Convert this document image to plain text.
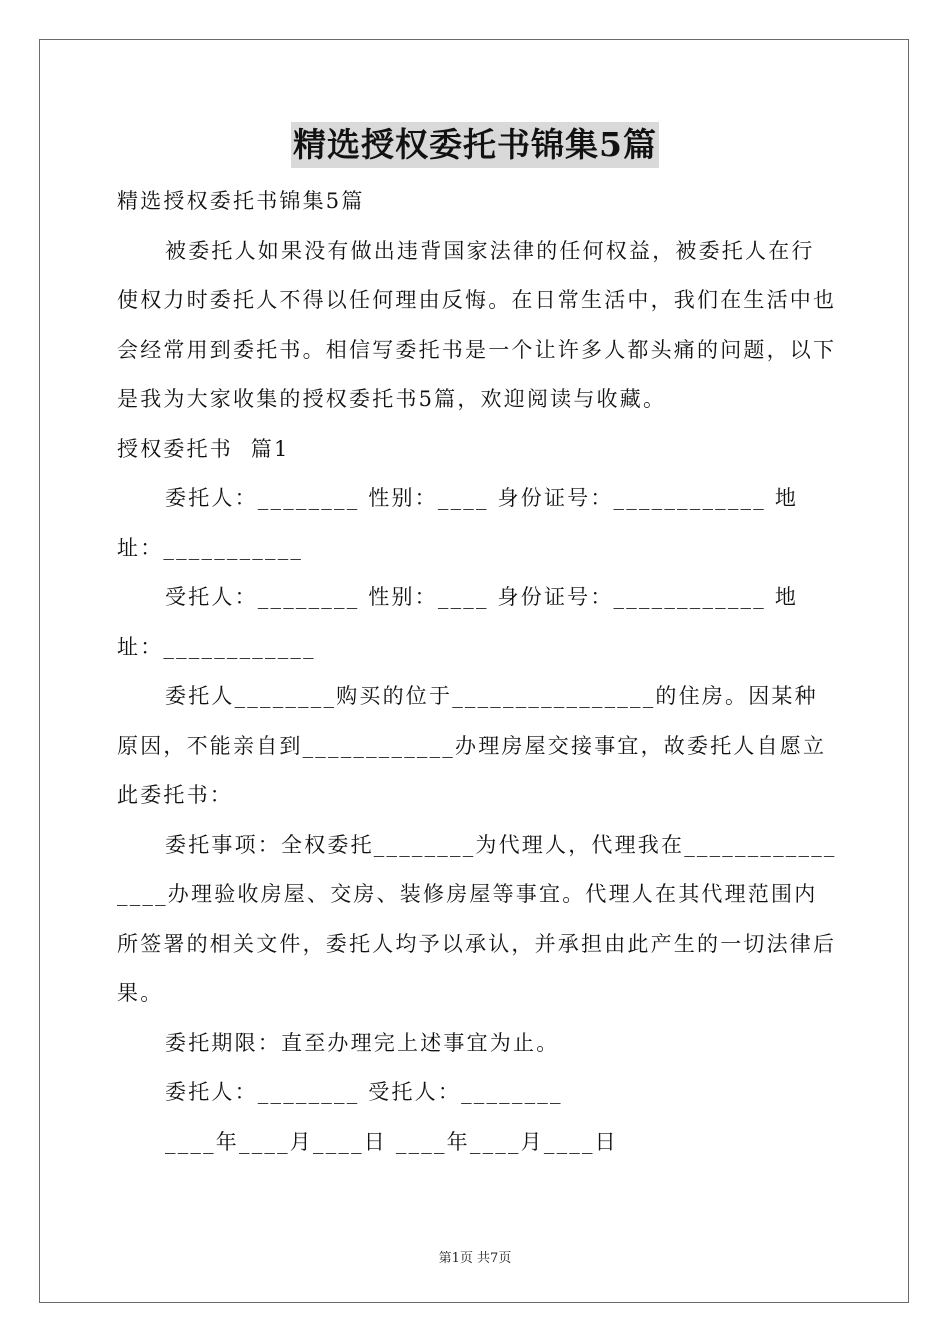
精选授权委托书锦集5篇

精选授权委托书锦集5篇

被委托人如果没有做出违背国家法律的任何权益，被委托人在行使权力时委托人不得以任何理由反悔。在日常生活中，我们在生活中也会经常用到委托书。相信写委托书是一个让许多人都头痛的问题，以下是我为大家收集的授权委托书5篇，欢迎阅读与收藏。

授权委托书  篇1

委托人：________ 性别：____ 身份证号：____________ 地址：___________

受托人：________ 性别：____ 身份证号：____________ 地址：____________

委托人________购买的位于________________的住房。因某种原因，不能亲自到____________办理房屋交接事宜，故委托人自愿立此委托书：

委托事项：全权委托________为代理人，代理我在________________办理验收房屋、交房、装修房屋等事宜。代理人在其代理范围内所签署的相关文件，委托人均予以承认，并承担由此产生的一切法律后果。

委托期限：直至办理完上述事宜为止。

委托人：________ 受托人：________

____年____月____日 ____年____月____日

第1页 共7页
